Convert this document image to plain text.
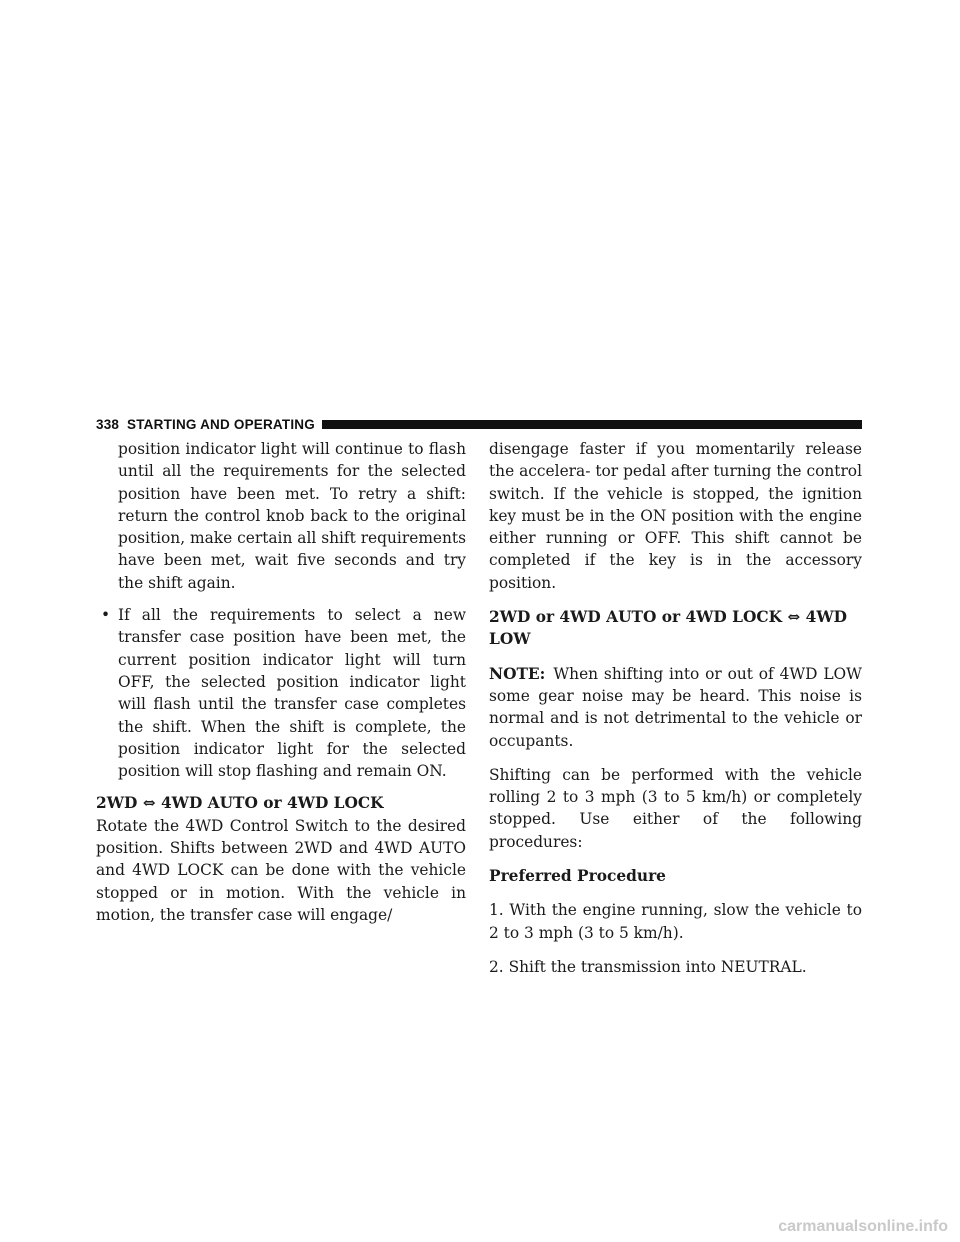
338 STARTING AND OPERATING

position indicator light will continue to flash until all the requirements for the selected position have been met. To retry a shift: return the control knob back to the original position, make certain all shift requirements have been met, wait five seconds and try the shift again.

• If all the requirements to select a new transfer case position have been met, the current position indicator light will turn OFF, the selected position indicator light will flash until the transfer case completes the shift. When the shift is complete, the position indicator light for the selected position will stop flashing and remain ON.

2WD ⇔ 4WD AUTO or 4WD LOCK

Rotate the 4WD Control Switch to the desired position. Shifts between 2WD and 4WD AUTO and 4WD LOCK can be done with the vehicle stopped or in motion. With the vehicle in motion, the transfer case will engage/

disengage faster if you momentarily release the accelera- tor pedal after turning the control switch. If the vehicle is stopped, the ignition key must be in the ON position with the engine either running or OFF. This shift cannot be completed if the key is in the accessory position.

2WD or 4WD AUTO or 4WD LOCK ⇔ 4WD LOW

NOTE: When shifting into or out of 4WD LOW some gear noise may be heard. This noise is normal and is not detrimental to the vehicle or occupants.

Shifting can be performed with the vehicle rolling 2 to 3 mph (3 to 5 km/h) or completely stopped. Use either of the following procedures:

Preferred Procedure

1. With the engine running, slow the vehicle to 2 to 3 mph (3 to 5 km/h).

2. Shift the transmission into NEUTRAL.

carmanualsonline.info
